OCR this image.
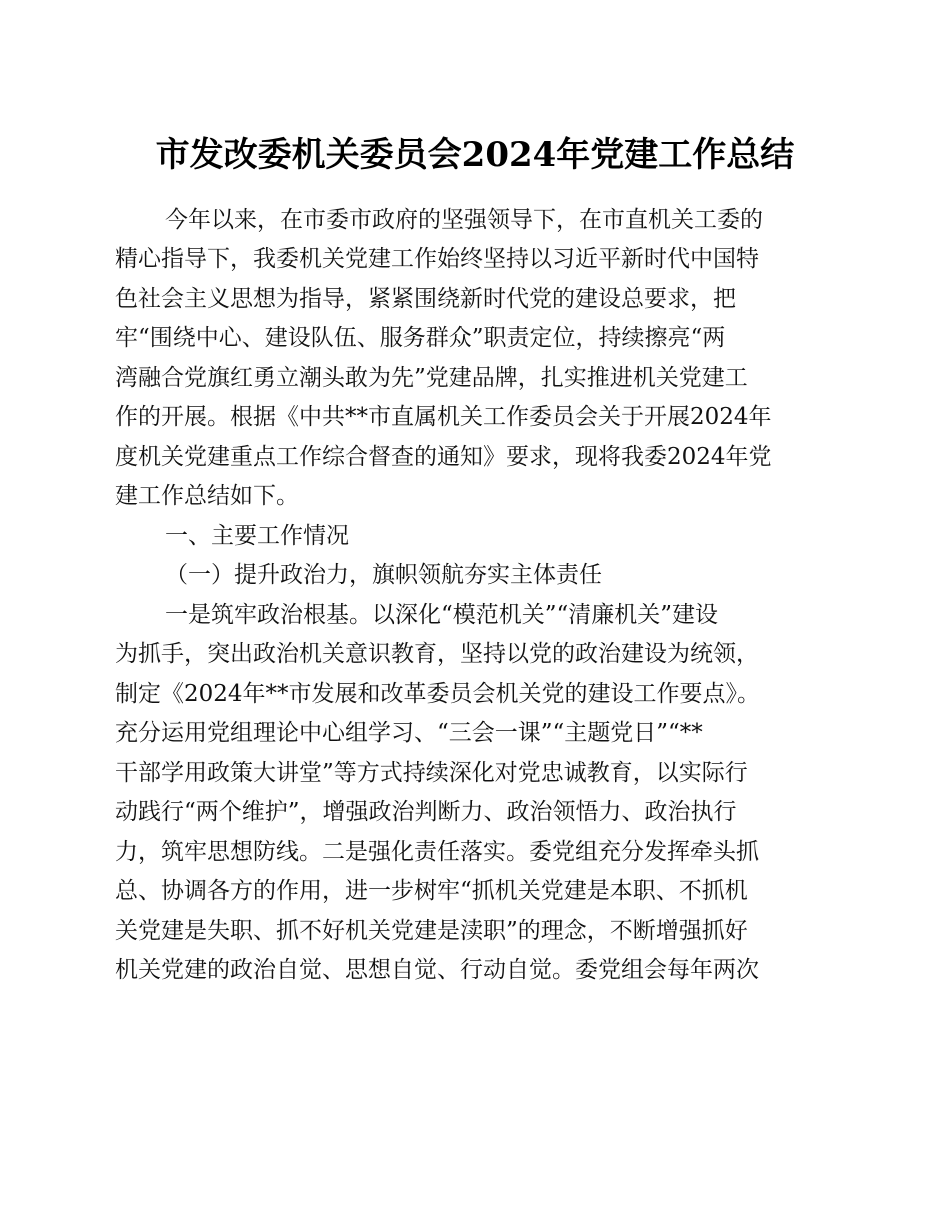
市发改委机关委员会2024年党建工作总结
今年以来，在市委市政府的坚强领导下，在市直机关工委的
精心指导下，我委机关党建工作始终坚持以习近平新时代中国特
色社会主义思想为指导，紧紧围绕新时代党的建设总要求，把
牢“围绕中心、建设队伍、服务群众”职责定位，持续擦亮“两
湾融合党旗红勇立潮头敢为先”党建品牌，扎实推进机关党建工
作的开展。根据《中共**市直属机关工作委员会关于开展2024年
度机关党建重点工作综合督查的通知》要求，现将我委2024年党
建工作总结如下。
一、主要工作情况
（一）提升政治力，旗帜领航夯实主体责任
一是筑牢政治根基。以深化“模范机关”“清廉机关”建设
为抓手，突出政治机关意识教育，坚持以党的政治建设为统领，
制定《2024年**市发展和改革委员会机关党的建设工作要点》。
充分运用党组理论中心组学习、“三会一课”“主题党日”“**
干部学用政策大讲堂”等方式持续深化对党忠诚教育，以实际行
动践行“两个维护”，增强政治判断力、政治领悟力、政治执行
力，筑牢思想防线。二是强化责任落实。委党组充分发挥牵头抓
总、协调各方的作用，进一步树牢“抓机关党建是本职、不抓机
关党建是失职、抓不好机关党建是渎职”的理念，不断增强抓好
机关党建的政治自觉、思想自觉、行动自觉。委党组会每年两次
